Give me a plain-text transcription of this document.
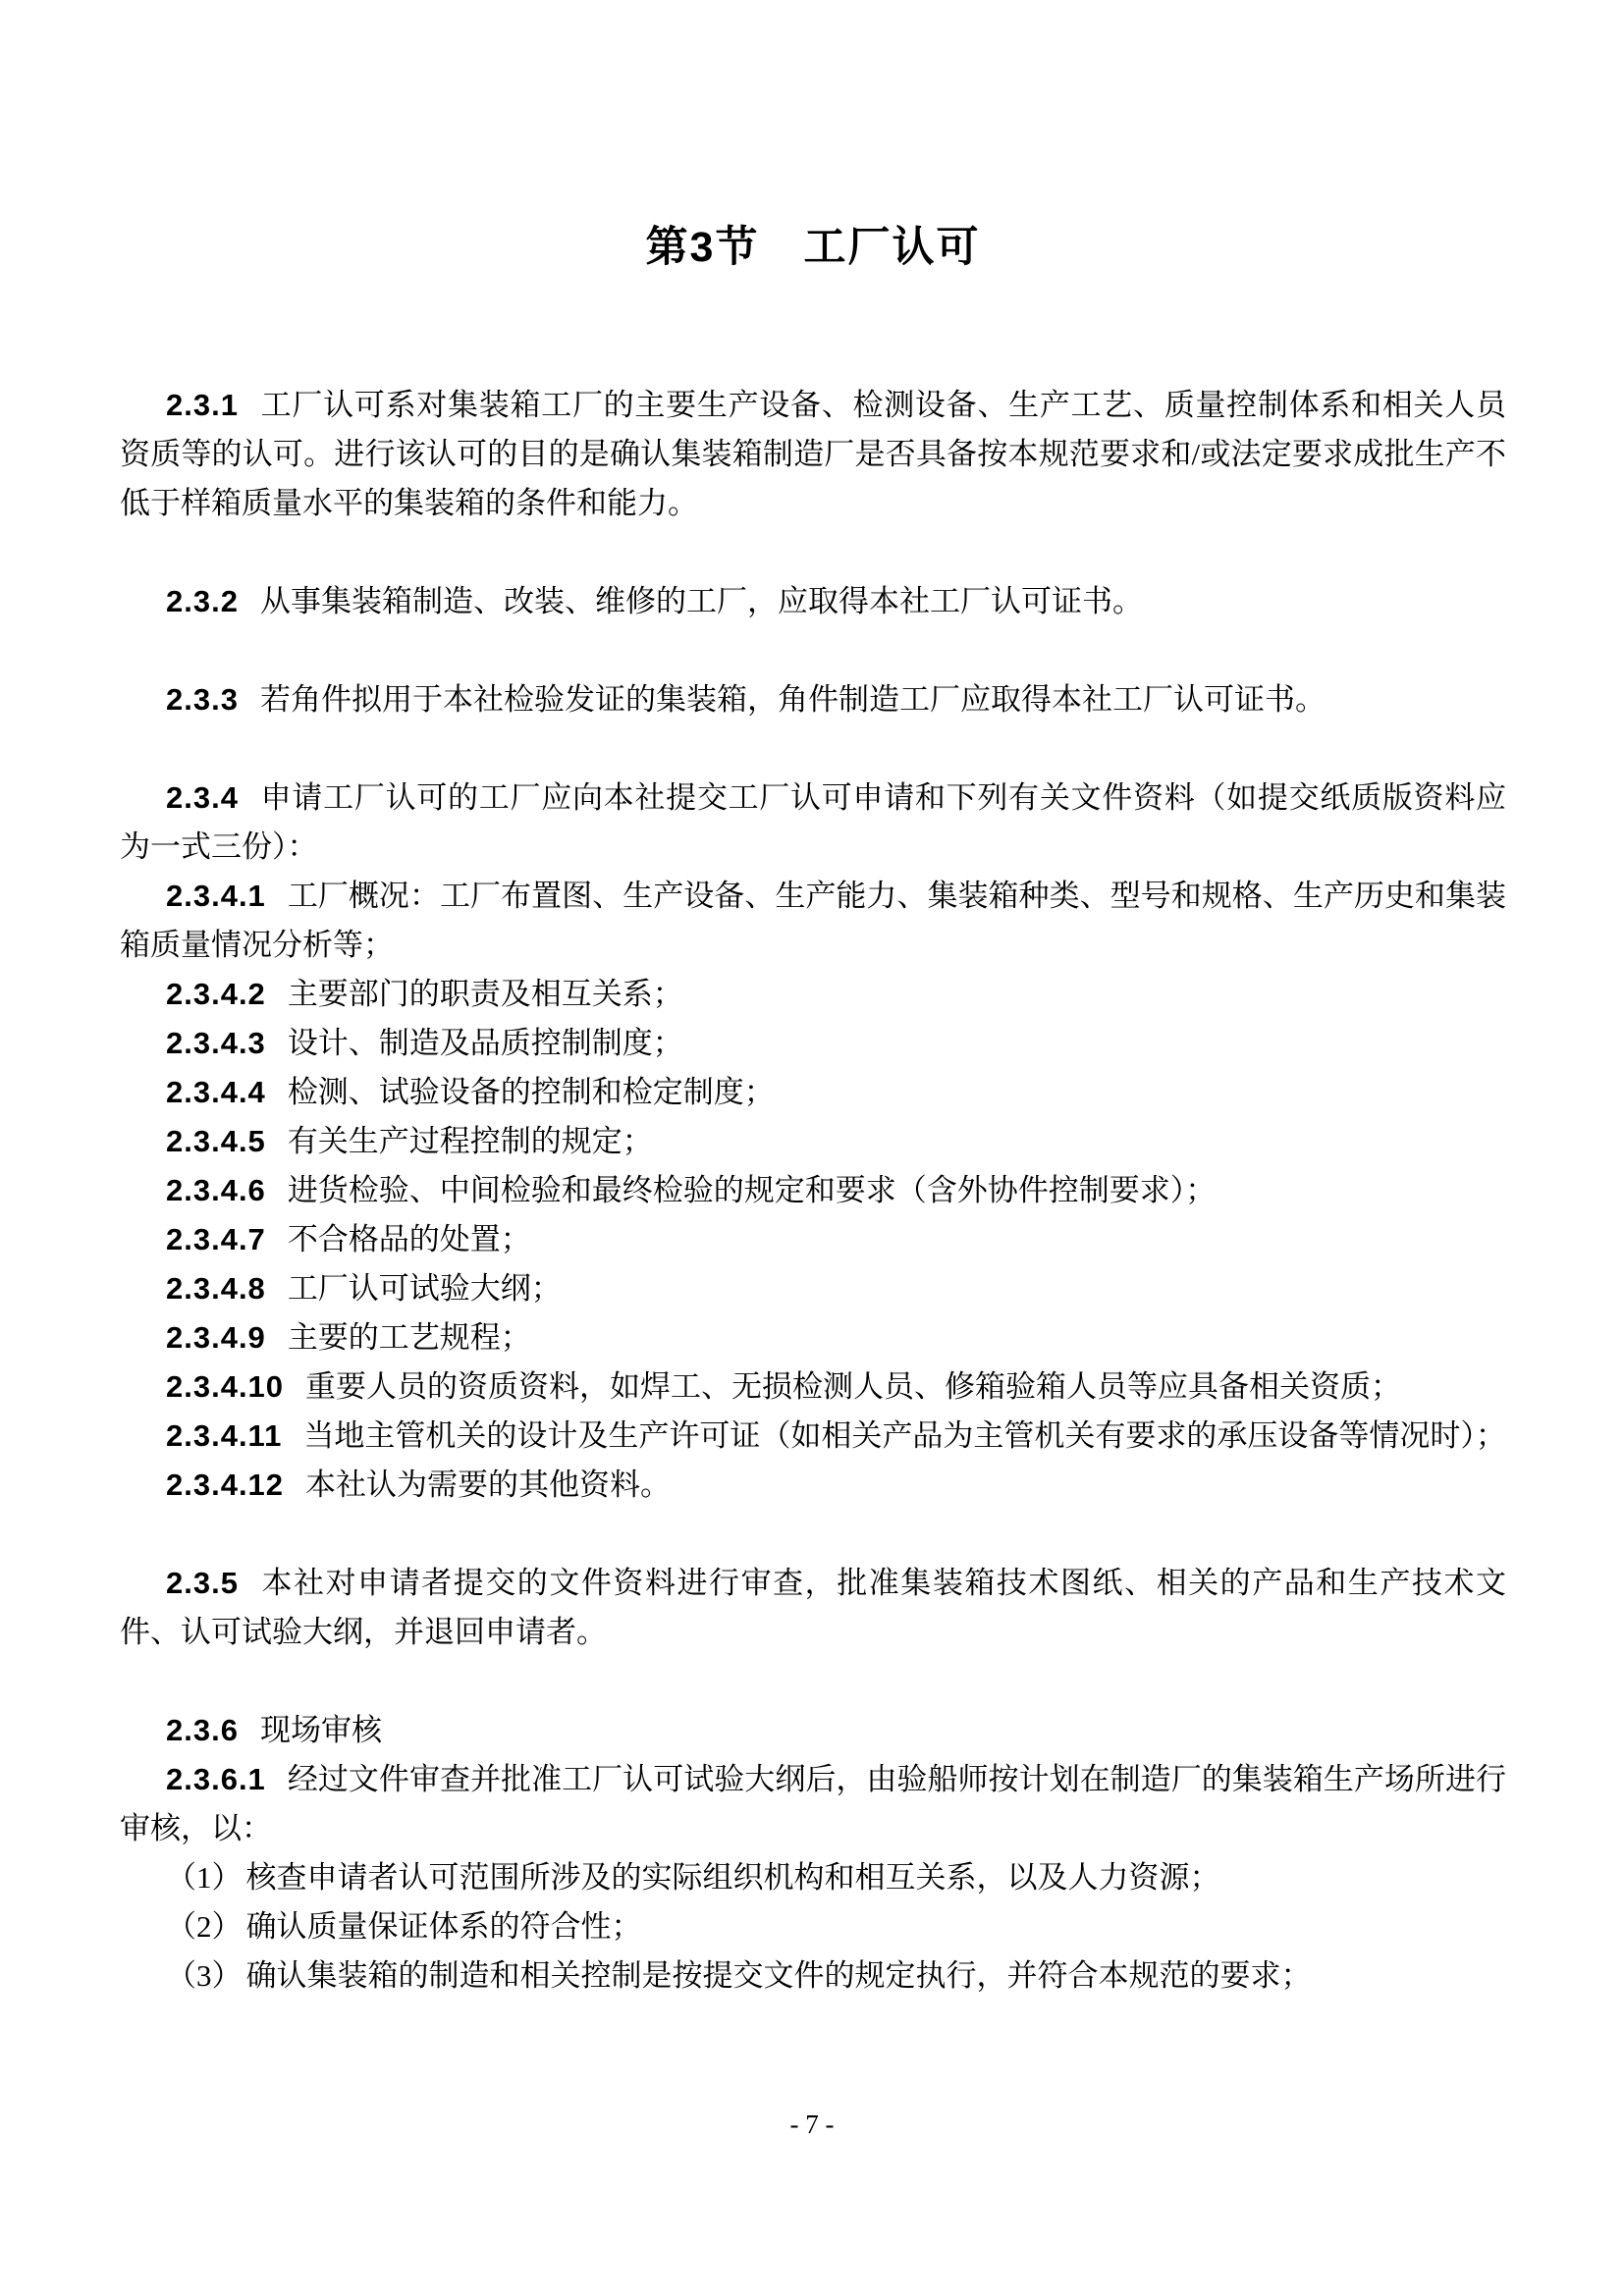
第3节　工厂认可

2.3.1 工厂认可系对集装箱工厂的主要生产设备、检测设备、生产工艺、质量控制体系和相关人员资质等的认可。进行该认可的目的是确认集装箱制造厂是否具备按本规范要求和/或法定要求成批生产不低于样箱质量水平的集装箱的条件和能力。

2.3.2 从事集装箱制造、改装、维修的工厂，应取得本社工厂认可证书。

2.3.3 若角件拟用于本社检验发证的集装箱，角件制造工厂应取得本社工厂认可证书。

2.3.4 申请工厂认可的工厂应向本社提交工厂认可申请和下列有关文件资料（如提交纸质版资料应为一式三份）：

2.3.4.1 工厂概况：工厂布置图、生产设备、生产能力、集装箱种类、型号和规格、生产历史和集装箱质量情况分析等；

2.3.4.2 主要部门的职责及相互关系；

2.3.4.3 设计、制造及品质控制制度；

2.3.4.4 检测、试验设备的控制和检定制度；

2.3.4.5 有关生产过程控制的规定；

2.3.4.6 进货检验、中间检验和最终检验的规定和要求（含外协件控制要求）；

2.3.4.7 不合格品的处置；

2.3.4.8 工厂认可试验大纲；

2.3.4.9 主要的工艺规程；

2.3.4.10 重要人员的资质资料，如焊工、无损检测人员、修箱验箱人员等应具备相关资质；

2.3.4.11 当地主管机关的设计及生产许可证（如相关产品为主管机关有要求的承压设备等情况时）；

2.3.4.12 本社认为需要的其他资料。

2.3.5 本社对申请者提交的文件资料进行审查，批准集装箱技术图纸、相关的产品和生产技术文件、认可试验大纲，并退回申请者。

2.3.6 现场审核

2.3.6.1 经过文件审查并批准工厂认可试验大纲后，由验船师按计划在制造厂的集装箱生产场所进行审核，以：

（1） 核查申请者认可范围所涉及的实际组织机构和相互关系，以及人力资源；

（2） 确认质量保证体系的符合性；

（3） 确认集装箱的制造和相关控制是按提交文件的规定执行，并符合本规范的要求；

- 7 -
